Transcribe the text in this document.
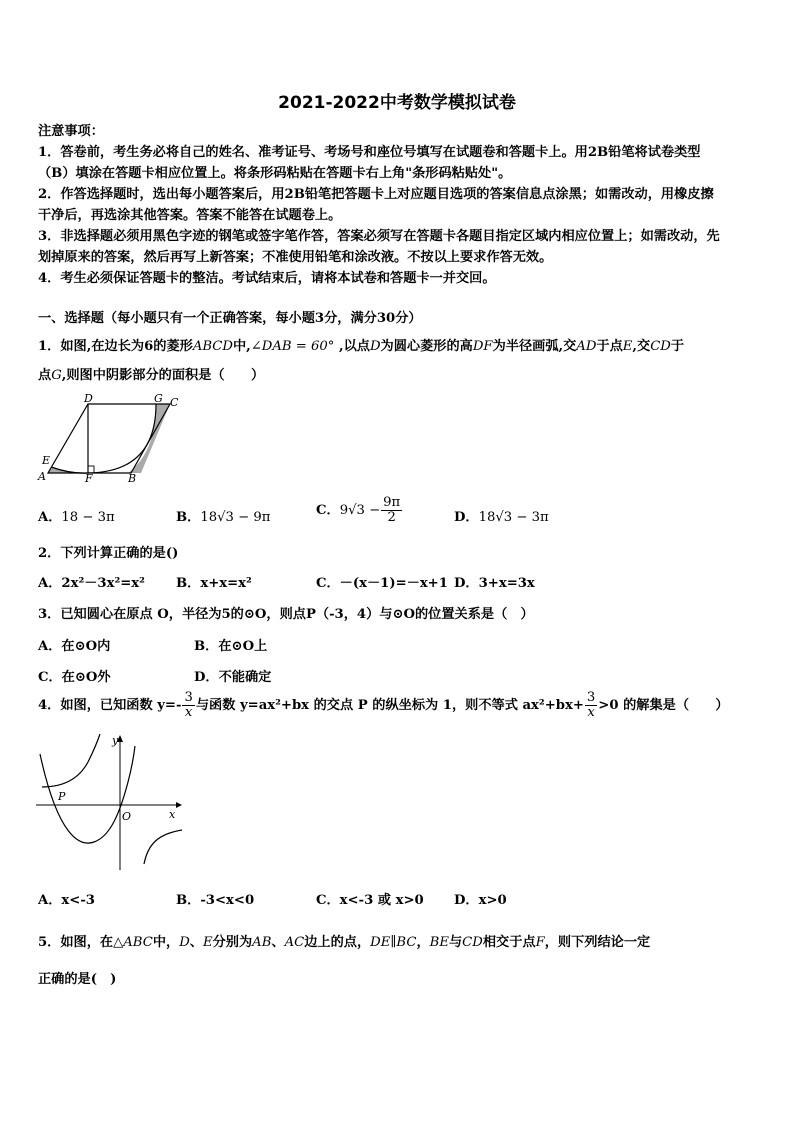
2021-2022中考数学模拟试卷
注意事项：
1．答卷前，考生务必将自己的姓名、准考证号、考场号和座位号填写在试题卷和答题卡上。用2B铅笔将试卷类型
（B）填涂在答题卡相应位置上。将条形码粘贴在答题卡右上角"条形码粘贴处"。
2．作答选择题时，选出每小题答案后，用2B铅笔把答题卡上对应题目选项的答案信息点涂黑；如需改动，用橡皮擦
干净后，再选涂其他答案。答案不能答在试题卷上。
3．非选择题必须用黑色字迹的钢笔或签字笔作答，答案必须写在答题卡各题目指定区域内相应位置上；如需改动，先
划掉原来的答案，然后再写上新答案；不准使用铅笔和涂改液。不按以上要求作答无效。
4．考生必须保证答题卡的整洁。考试结束后，请将本试卷和答题卡一并交回。
一、选择题（每小题只有一个正确答案，每小题3分，满分30分）
1．如图,在边长为6的菱形ABCD中,∠DAB = 60° ,以点D为圆心菱形的高DF为半径画弧,交AD于点E,交CD于
点G,则图中阴影部分的面积是（　　）
D	G C
E
A	F	B
A．18 − 3π	B．18√3 − 9π	C．$9√3 - \frac{9\pi}{2}$	D．18√3 − 3π
2．下列计算正确的是()
A．2x²－3x²=x² B．x+x=x²	C．－(x－1)=－x+1 D．3+x=3x
3．已知圆心在原点 O，半径为5的⊙O，则点P（-3，4）与⊙O的位置关系是（　）
A．在⊙O内	B．在⊙O上
C．在⊙O外	D．不能确定
4．如图，已知函数 $y=- \frac{3}{x}$ 与函数 y=ax²+bx 的交点 P 的纵坐标为 1，则不等式 $ax^2+bx+ \frac{3}{x} >0$ 的解集是（　　）
y
P
O	x
A．x<-3	B．-3<x<0	C．x<-3 或 x>0 D．x>0
5．如图，在△ABC中，D、E分别为AB、AC边上的点，DE∥BC，BE与CD相交于点F，则下列结论一定
正确的是(　)
